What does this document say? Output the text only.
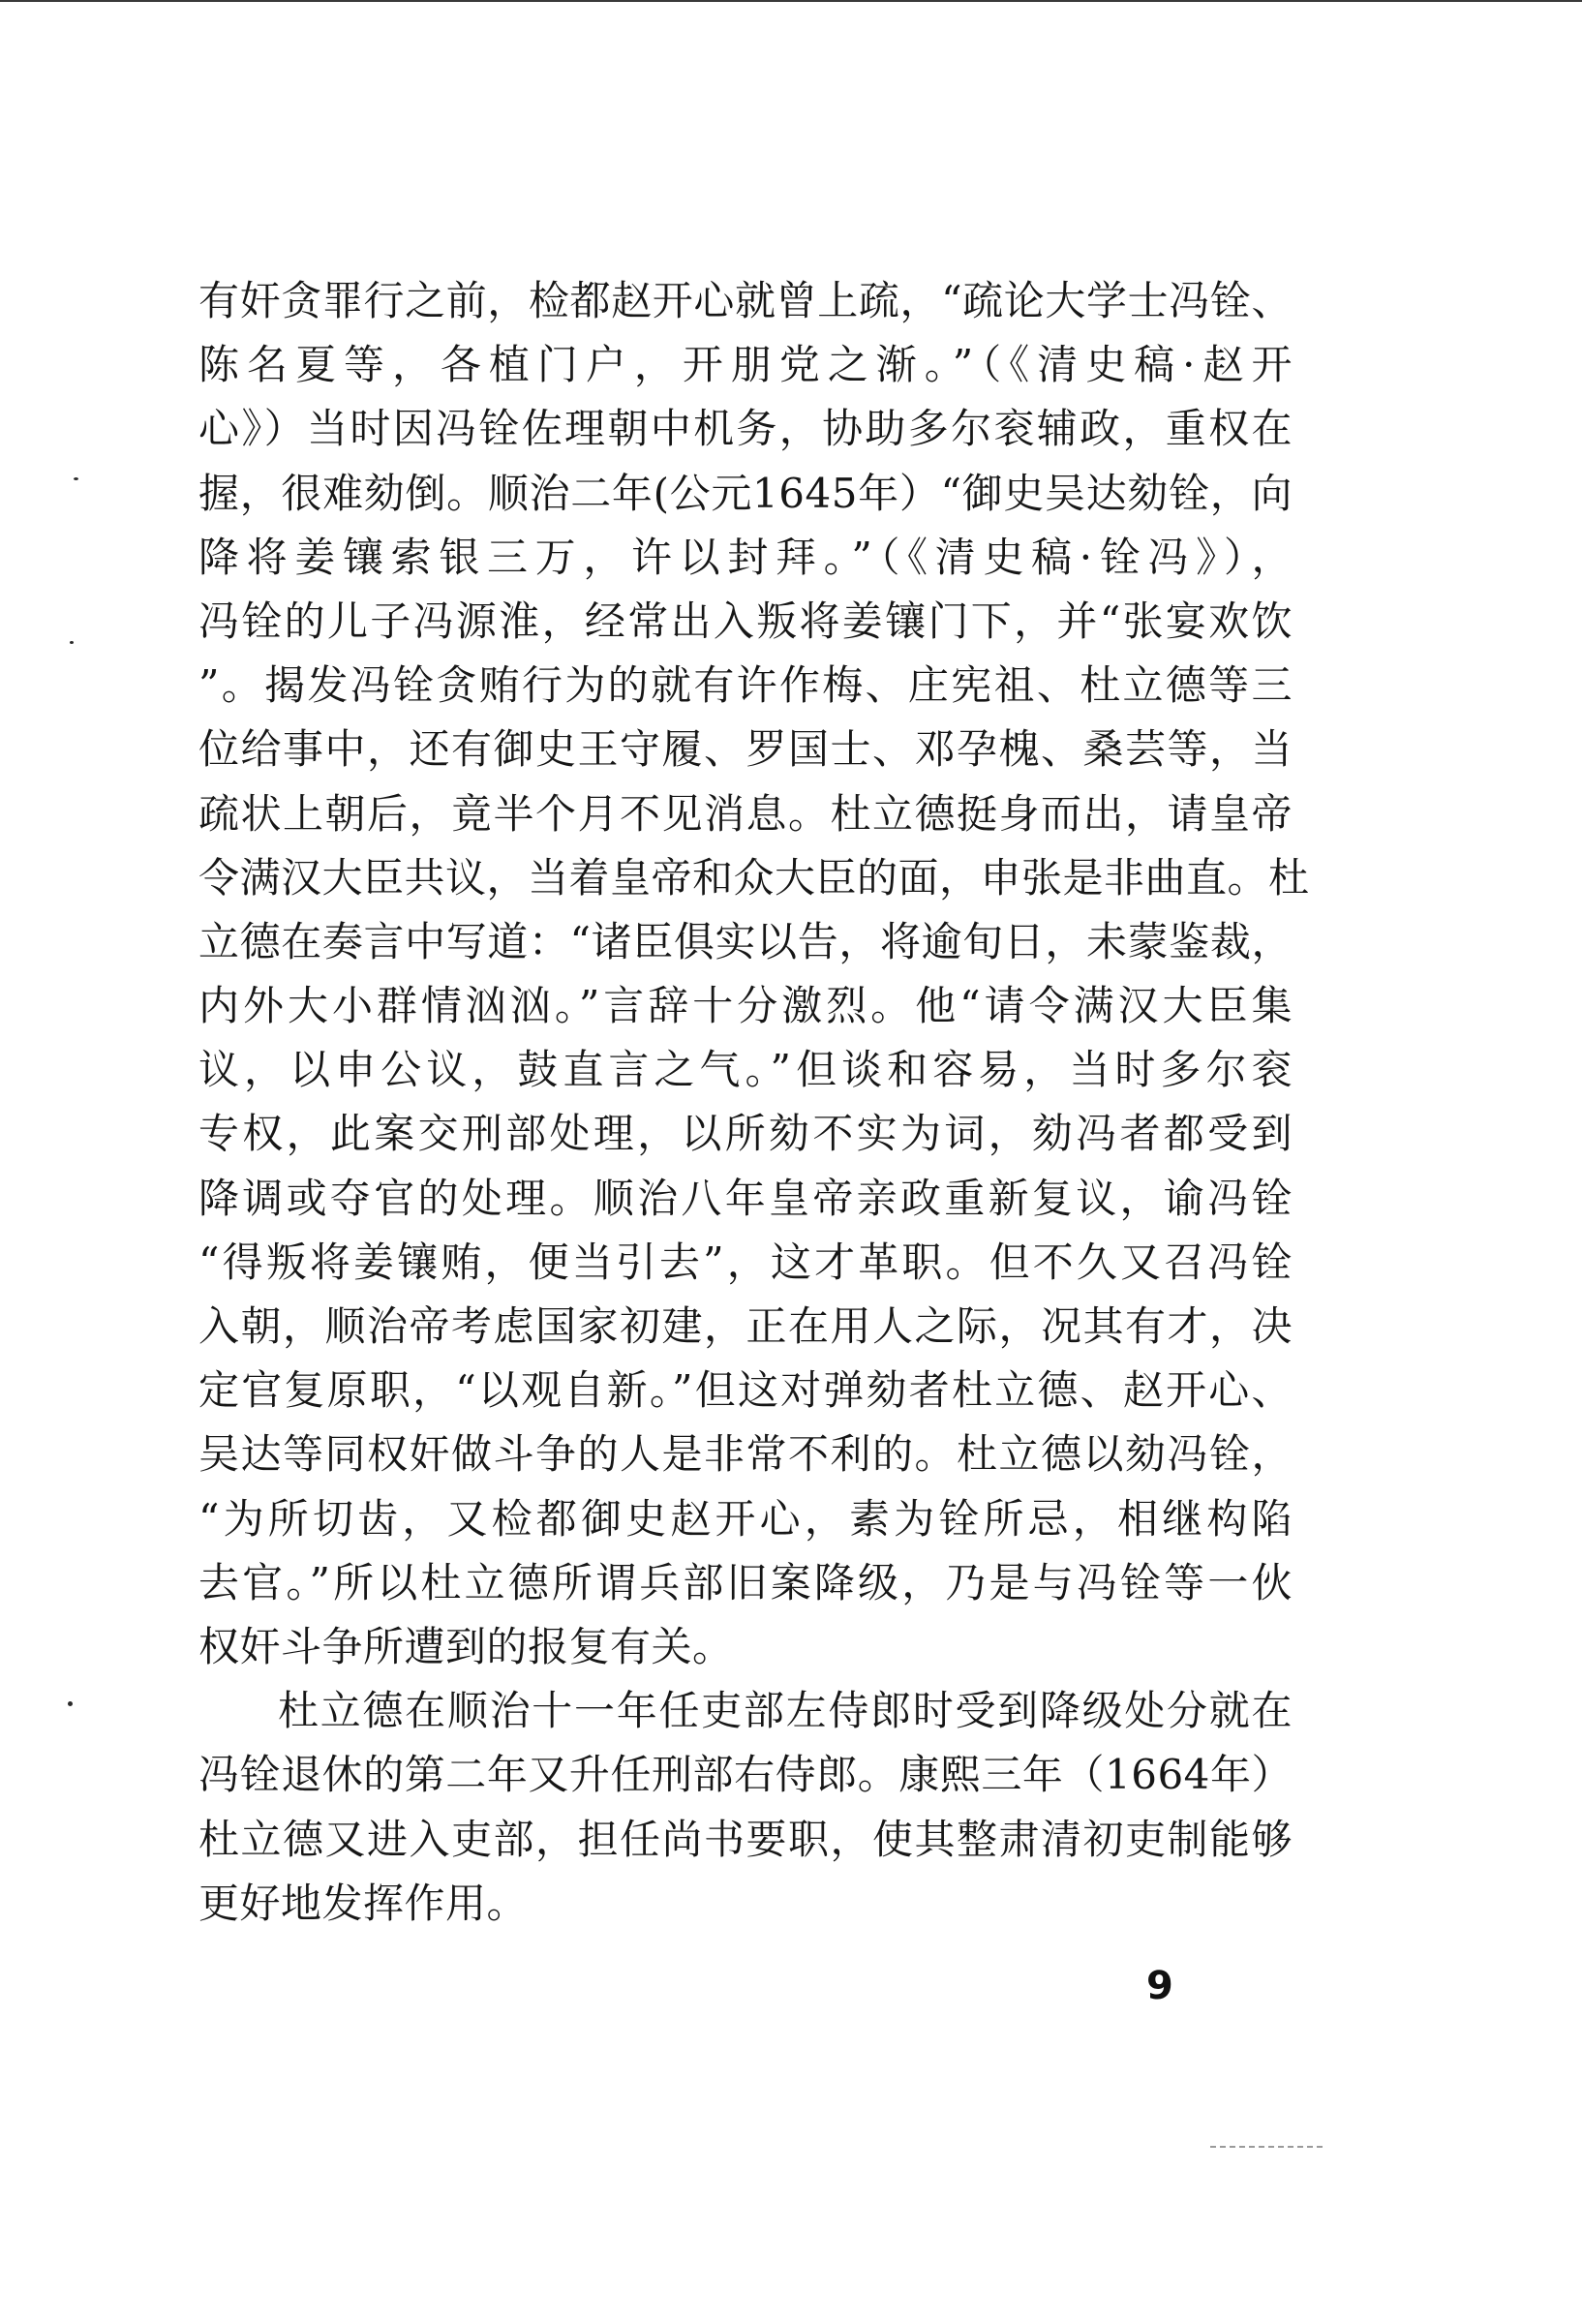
有奸贪罪行之前，检都赵开心就曾上疏，“疏论大学士冯铨、
陈名夏等，各植门户，开朋党之渐。”（《清史稿·赵开
心》）当时因冯铨佐理朝中机务，协助多尔衮辅政，重权在
握，很难劾倒。顺治二年(公元1645年）“御史吴达劾铨，向
降将姜镶索银三万，许以封拜。”（《清史稿·铨冯》），
冯铨的儿子冯源淮，经常出入叛将姜镶门下，并“张宴欢饮
”。揭发冯铨贪贿行为的就有许作梅、庄宪祖、杜立德等三
位给事中，还有御史王守履、罗国士、邓孕槐、桑芸等，当
疏状上朝后，竟半个月不见消息。杜立德挺身而出，请皇帝
令满汉大臣共议，当着皇帝和众大臣的面，申张是非曲直。杜
立德在奏言中写道：“诸臣俱实以告，将逾旬日，未蒙鉴裁，
内外大小群情汹汹。”言辞十分激烈。他“请令满汉大臣集
议，以申公议，鼓直言之气。”但谈和容易，当时多尔衮
专权，此案交刑部处理，以所劾不实为词，劾冯者都受到
降调或夺官的处理。顺治八年皇帝亲政重新复议，谕冯铨
“得叛将姜镶贿，便当引去”，这才革职。但不久又召冯铨
入朝，顺治帝考虑国家初建，正在用人之际，况其有才，决
定官复原职，“以观自新。”但这对弹劾者杜立德、赵开心、
吴达等同权奸做斗争的人是非常不利的。杜立德以劾冯铨，
“为所切齿，又检都御史赵开心，素为铨所忌，相继构陷
去官。”所以杜立德所谓兵部旧案降级，乃是与冯铨等一伙
权奸斗争所遭到的报复有关。
杜立德在顺治十一年任吏部左侍郎时受到降级处分就在
冯铨退休的第二年又升任刑部右侍郎。康熙三年（1664年）
杜立德又进入吏部，担任尚书要职，使其整肃清初吏制能够
更好地发挥作用。
9
